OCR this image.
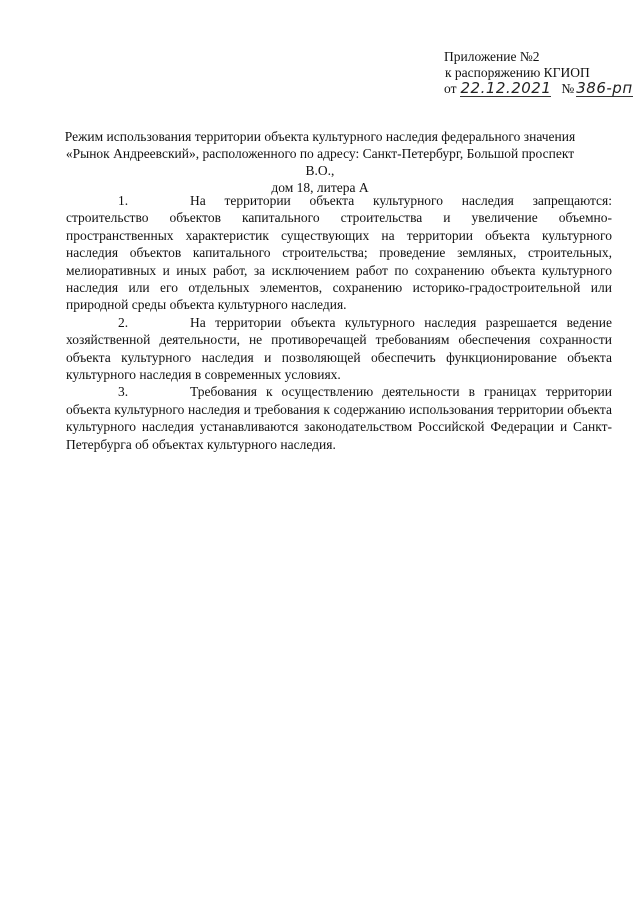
Приложение №2
к распоряжению КГИОП
от 22.12.2021 № 386-рп
Режим использования территории объекта культурного наследия федерального значения
«Рынок Андреевский», расположенного по адресу: Санкт-Петербург, Большой проспект В.О.,
дом 18, литера А

1.	На территории объекта культурного наследия запрещаются: строительство объектов капитального строительства и увеличение объемно-пространственных характеристик существующих на территории объекта культурного наследия объектов капитального строительства; проведение земляных, строительных, мелиоративных и иных работ, за исключением работ по сохранению объекта культурного наследия или его отдельных элементов, сохранению историко-градостроительной или природной среды объекта культурного наследия.

2.	На территории объекта культурного наследия разрешается ведение хозяйственной деятельности, не противоречащей требованиям обеспечения сохранности объекта культурного наследия и позволяющей обеспечить функционирование объекта культурного наследия в современных условиях.

3.	Требования к осуществлению деятельности в границах территории объекта культурного наследия и требования к содержанию использования территории объекта культурного наследия устанавливаются законодательством Российской Федерации и Санкт-Петербурга об объектах культурного наследия.
